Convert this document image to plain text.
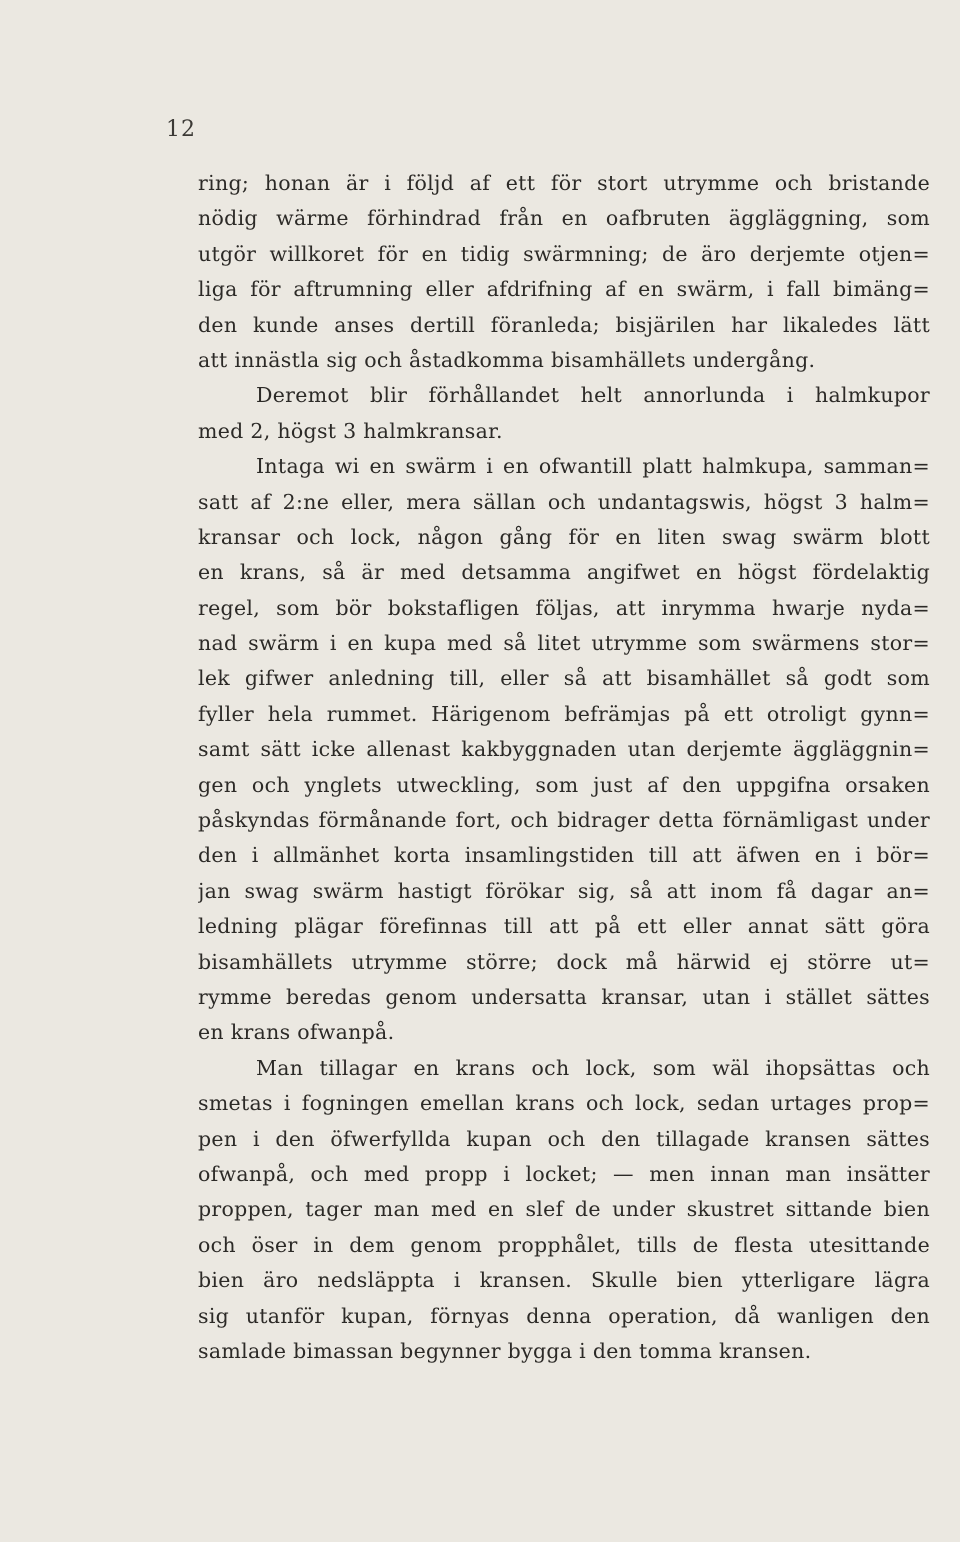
12
ring; honan är i följd af ett för stort utrymme och bristande
nödig wärme förhindrad från en oafbruten äggläggning, som
utgör willkoret för en tidig swärmning; de äro derjemte otjen=
liga för aftrumning eller afdrifning af en swärm, i fall bimäng=
den kunde anses dertill föranleda; bisjärilen har likaledes lätt
att innästla sig och åstadkomma bisamhällets undergång.
Deremot blir förhållandet helt annorlunda i halmkupor
med 2, högst 3 halmkransar.
Intaga wi en swärm i en ofwantill platt halmkupa, samman=
satt af 2:ne eller, mera sällan och undantagswis, högst 3 halm=
kransar och lock, någon gång för en liten swag swärm blott
en krans, så är med detsamma angifwet en högst fördelaktig
regel, som bör bokstafligen följas, att inrymma hwarje nyda=
nad swärm i en kupa med så litet utrymme som swärmens stor=
lek gifwer anledning till, eller så att bisamhället så godt som
fyller hela rummet. Härigenom befrämjas på ett otroligt gynn=
samt sätt icke allenast kakbyggnaden utan derjemte äggläggnin=
gen och ynglets utweckling, som just af den uppgifna orsaken
påskyndas förmånande fort, och bidrager detta förnämligast under
den i allmänhet korta insamlingstiden till att äfwen en i bör=
jan swag swärm hastigt förökar sig, så att inom få dagar an=
ledning plägar förefinnas till att på ett eller annat sätt göra
bisamhällets utrymme större; dock må härwid ej större ut=
rymme beredas genom undersatta kransar, utan i stället sättes
en krans ofwanpå.
Man tillagar en krans och lock, som wäl ihopsättas och
smetas i fogningen emellan krans och lock, sedan urtages prop=
pen i den öfwerfyllda kupan och den tillagade kransen sättes
ofwanpå, och med propp i locket; — men innan man insätter
proppen, tager man med en slef de under skustret sittande bien
och öser in dem genom propphålet, tills de flesta utesittande
bien äro nedsläppta i kransen. Skulle bien ytterligare lägra
sig utanför kupan, förnyas denna operation, då wanligen den
samlade bimassan begynner bygga i den tomma kransen.
